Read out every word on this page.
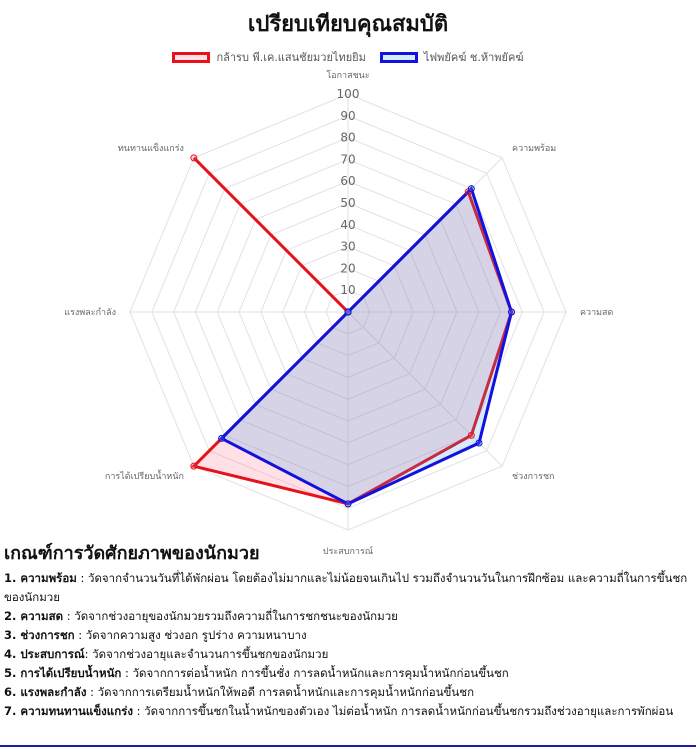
เปรียบเทียบคุณสมบัติ
กล้ารบ พี.เค.แสนชัยมวยไทยยิม	ไฟพยัคฆ์ ช.ห้าพยัคฆ์
10
20
30
40
50
60
70
80
90
100
โอกาสชนะ
ความพร้อม
ความสด
ช่วงการชก
ประสบการณ์
การได้เปรียบน้ำหนัก
แรงพละกำลัง
ทนทานแข็งแกร่ง
เกณฑ์การวัดศักยภาพของนักมวย

1. ความพร้อม : วัดจากจำนวนวันที่ได้พักผ่อน โดยต้องไม่มากและไม่น้อยจนเกินไป รวมถึงจำนวนวันในการฝึกซ้อม และความถี่ในการขึ้นชกของนักมวย

2. ความสด : วัดจากช่วงอายุของนักมวยรวมถึงความถี่ในการชกชนะของนักมวย

3. ช่วงการชก : วัดจากความสูง ช่วงอก รูปร่าง ความหนาบาง

4. ประสบการณ์: วัดจากช่วงอายุและจำนวนการขึ้นชกของนักมวย

5. การได้เปรียบน้ำหนัก : วัดจากการต่อน้ำหนัก การขึ้นชั่ง การลดน้ำหนักและการคุมน้ำหนักก่อนขึ้นชก

6. แรงพละกำลัง : วัดจากการเตรียมน้ำหนักให้พอดี การลดน้ำหนักและการคุมน้ำหนักก่อนขึ้นชก

7. ความทนทานแข็งแกร่ง : วัดจากการขึ้นชกในน้ำหนักของตัวเอง ไม่ต่อน้ำหนัก การลดน้ำหนักก่อนขึ้นชกรวมถึงช่วงอายุและการพักผ่อน
